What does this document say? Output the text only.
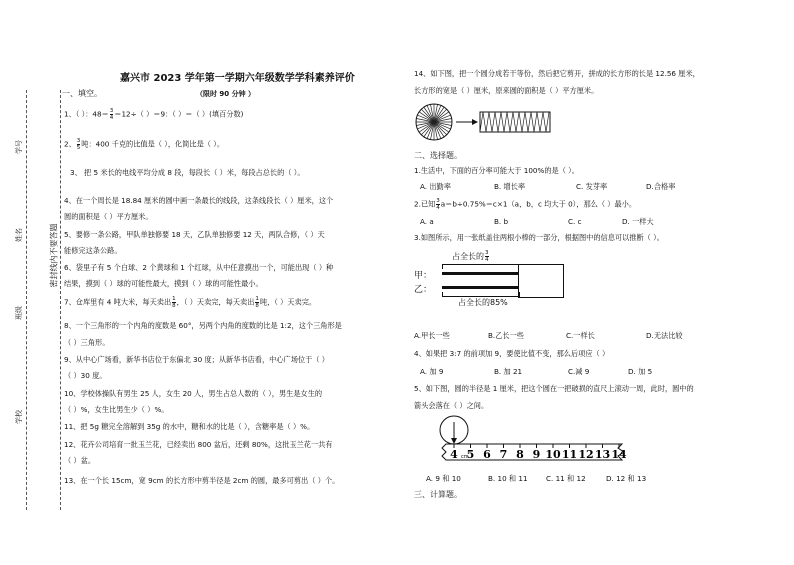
学号
姓名
班级
学校
密封线内不要答题
嘉兴市 2023 学年第一学期六年级数学学科素养评价
一、填空。	（限时 90 分钟 ）
1、（ ）：$48= \frac{3}{4} =12\div$（ ）＝9：（ ）＝（ ）(填百分数)
2、 $\frac{3}{5}$ 吨：400 千克的比值是（ ），化简比是（ ）。
3、 把 5 米长的电线平均分成 8 段，每段长（ ）米，每段占总长的（ ）。
4、在一个周长是 18.84 厘米的圆中画一条最长的线段，这条线段长（ ）厘米，这个
圆的面积是（ ）平方厘米。
5、要修一条公路，甲队单独修要 18 天，乙队单独修要 12 天，两队合修，（ ）天
能修完这条公路。
6、袋里子有 5 个白球、2 个黄球和 1 个红球，从中任意摸出一个，可能出现（ ）种
结果，摸到（ ）球的可能性最大，摸到（ ）球的可能性最小。
7、仓库里有 4 吨大米，每天卖出 $\frac{1}{8}$ ，（ ）天卖完，每天卖出 $\frac{1}{8}$ 吨，（ ）天卖完。
8、一个三角形的一个内角的度数是 60°，另两个内角的度数的比是 1:2，这个三角形是
（ ）三角形。
9、从中心广场看，新华书店位于东偏北 30 度；从新华书店看，中心广场位于（ ）
（ ）30 度。
10、学校体操队有男生 25 人，女生 20 人，男生占总人数的（ ），男生是女生的
（ ）%，女生比男生少（ ）%。
11、把 5g 糖完全溶解到 35g 的水中，糖和水的比是（ ），含糖率是（ ）%。
12、花卉公司培育一批玉兰花，已经卖出 800 盆后，还剩 80%，这批玉兰花一共有
（ ）盆。
13、在一个长 15cm，宽 9cm 的长方形中剪半径是 2cm 的圆，最多可剪出（ ）个。
14、如下图，把一个圆分成若干等份，然后把它剪开，拼成的长方形的长是 12.56 厘米，
长方形的宽是（ ）厘米，原来圆的面积是（ ）平方厘米。
二、选择题。
1.生活中，下面的百分率可能大于 100%的是（ ）。
A. 出勤率	B. 增长率	C. 发芽率	D.合格率
2.已知 $\frac{3}{4} a=b\div 0.75\%=c\times 1(a$，b，c 均大于 0），那么（ ）最小。
A. a	B. b	C. c	D. 一样大
3.如图所示，用一张纸盖住两根小棒的一部分，根据图中的信息可以推断（ ）。
占全长的 $\frac{3}{4}$
甲：
乙：
占全长的85%
A.甲长一些	B.乙长一些	C.一样长	D.无法比较
4、如果把 3:7 的前项加 9，要使比值不变，那么后项应（ ）
A. 加 9	B. 加 21	C.减 9	D. 加 5
5、如下图，圆的半径是 1 厘米，把这个圆在一把破损的直尺上滚动一周，此时，圆中的
箭头会落在（ ）之间。
4 5 6 7 8 9 10 11 12 13 14
cm
A. 9 和 10	B. 10 和 11	C. 11 和 12	D. 12 和 13
三、计算题。
